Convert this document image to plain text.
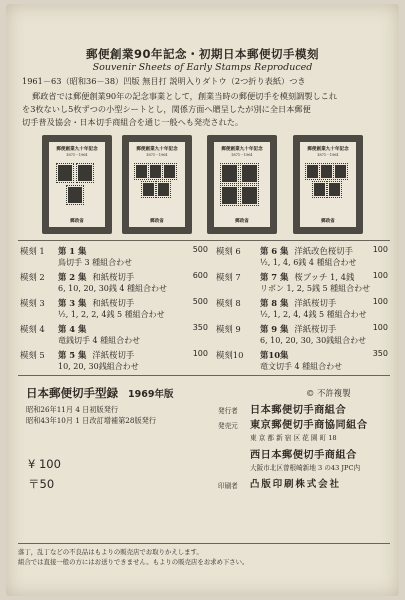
郵便創業90年記念・初期日本郵便切手模刻
Souvenir Sheets of Early Stamps Reproduced
1961－63（昭和36－38）凹版 無目打 説明入りダトウ（2つ折り表紙）つき
郵政省では郵便創業90年の記念事業として，創業当時の郵便切手を模刻調製しこれ
を3枚ないし5枚ずつの小型シートとし，関係方面へ贈呈したが別に全日本郵便
切手普及協会・日本切手商組合を通じ一般へも発売された。
郵便創業九十年記念
1871－1961
郵政省
郵便創業九十年記念
1871－1961
郵政省
郵便創業九十年記念
1871－1961
郵政省
郵便創業九十年記念
1871－1961
郵政省
模刻 1 第 1 集	500
鳥切手 3 種組合わせ
模刻 2 第 2 集 和紙桜切手	600
6, 10, 20, 30銭 4 種組合わせ
模刻 3 第 3 集 和紙桜切手	500
½, 1, 2, 2, 4銭 5 種組合わせ
模刻 4 第 4 集	350
竜銭切手 4 種組合わせ
模刻 5 第 5 集 洋紙桜切手	100
10, 20, 30銭組合わせ
模刻 6 第 6 集 洋紙改色桜切手 100
½, 1, 4, 6銭 4 種組合わせ
模刻 7 第 7 集 桜ブッチ 1, 4銭 100
リボン 1, 2, 5銭 5 種組合わせ
模刻 8 第 8 集 洋紙桜切手	100
½, 1, 2, 4, 4銭 5 種組合わせ
模刻 9 第 9 集 洋紙桜切手	100
6, 10, 20, 30, 30銭組合わせ
模刻10 第10集	350
竜文切手 4 種組合わせ
日本郵便切手型録 1969年版	© 不許複製
昭和26年11月 4 日初版発行
昭和43年10月 1 日改訂增補第28版発行
発行者 日本郵便切手商組合
発売元 東京郵便切手商協同組合
東 京 都 新 宿 区 花 園 町 18
西日本郵便切手商組合
大阪市北区曾根崎新地 3 の43 JPC内
印刷者 凸版印刷株式会社
¥ 100
〒50
落丁，乱丁などの不良品はもよりの販売店でお取りかえします。
組合では直接一般の方にはお送りできません。もよりの販売店をお求め下さい。
